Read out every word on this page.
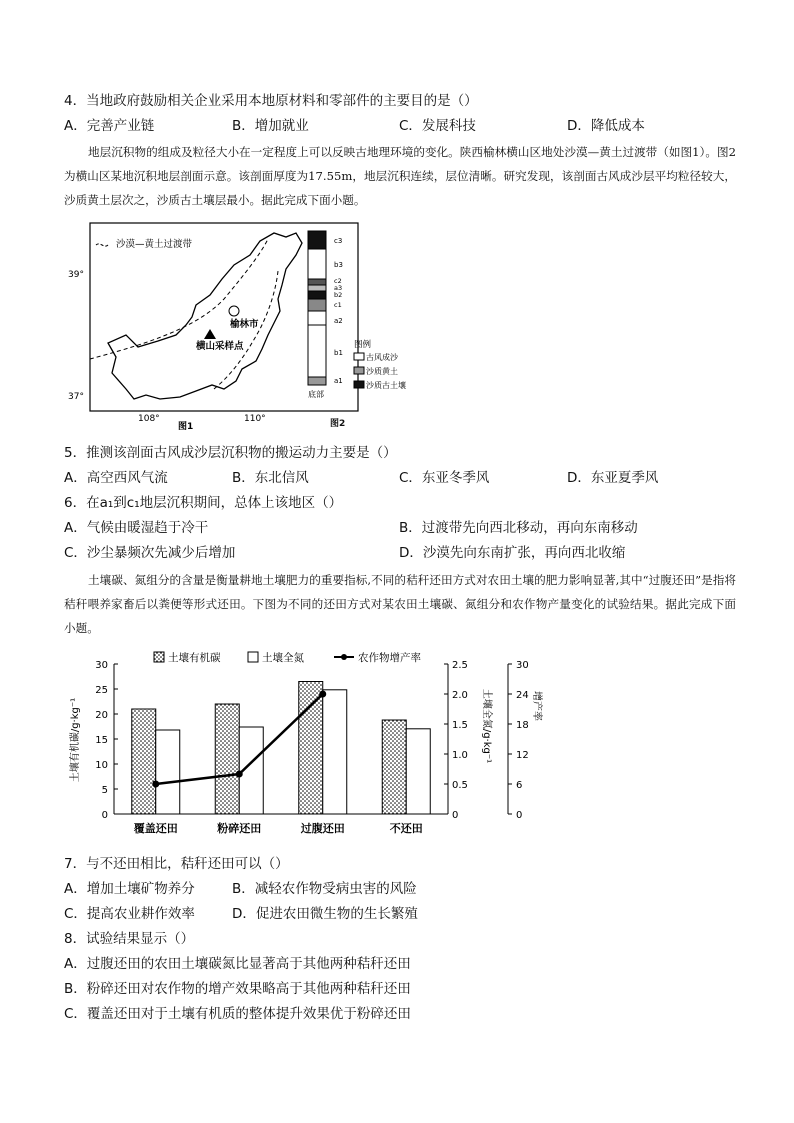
4．当地政府鼓励相关企业采用本地原材料和零部件的主要目的是（）
A．完善产业链	B．增加就业	C．发展科技	D．降低成本
地层沉积物的组成及粒径大小在一定程度上可以反映古地理环境的变化。陕西榆林横山区地处沙漠—黄土过渡带（如图1）。图2为横山区某地沉积地层剖面示意。该剖面厚度为17.55m，地层沉积连续，层位清晰。研究发现，该剖面古风成沙层平均粒径较大，沙质黄土层次之，沙质古土壤层最小。据此完成下面小题。
沙漠—黄土过渡带
榆林市
横山采样点
39°
37°
108°	110°
图1
c3
b3
c2
a3
b2
c1
a2
b1
a1
底部
图例
古风成沙
沙质黄土
沙质古土壤
图2
5．推测该剖面古风成沙层沉积物的搬运动力主要是（）
A．高空西风气流	B．东北信风	C．东亚冬季风	D．东亚夏季风
6．在a₁到c₁地层沉积期间，总体上该地区（）
A．气候由暖湿趋于冷干	B．过渡带先向西北移动，再向东南移动
C．沙尘暴频次先减少后增加	D．沙漠先向东南扩张，再向西北收缩
土壤碳、氮组分的含量是衡量耕地土壤肥力的重要指标,不同的秸秆还田方式对农田土壤的肥力影响显著,其中“过腹还田”是指将秸秆喂养家畜后以粪便等形式还田。下图为不同的还田方式对某农田土壤碳、氮组分和农作物产量变化的试验结果。据此完成下面小题。
0
5
10
15
20
25
30
0
0.5
1.0
1.5
2.0
2.5
0
6
12
18
24
30
覆盖还田	粉碎还田	过腹还田	不还田
土壤有机碳/g·kg⁻¹	土壤全氮/g·kg⁻¹	增产率
土壤有机碳	土壤全氮	农作物增产率
7．与不还田相比，秸秆还田可以（）
A．增加土壤矿物养分	B．减轻农作物受病虫害的风险
C．提高农业耕作效率	D．促进农田微生物的生长繁殖
8．试验结果显示（）
A．过腹还田的农田土壤碳氮比显著高于其他两种秸秆还田
B．粉碎还田对农作物的增产效果略高于其他两种秸秆还田
C．覆盖还田对于土壤有机质的整体提升效果优于粉碎还田
